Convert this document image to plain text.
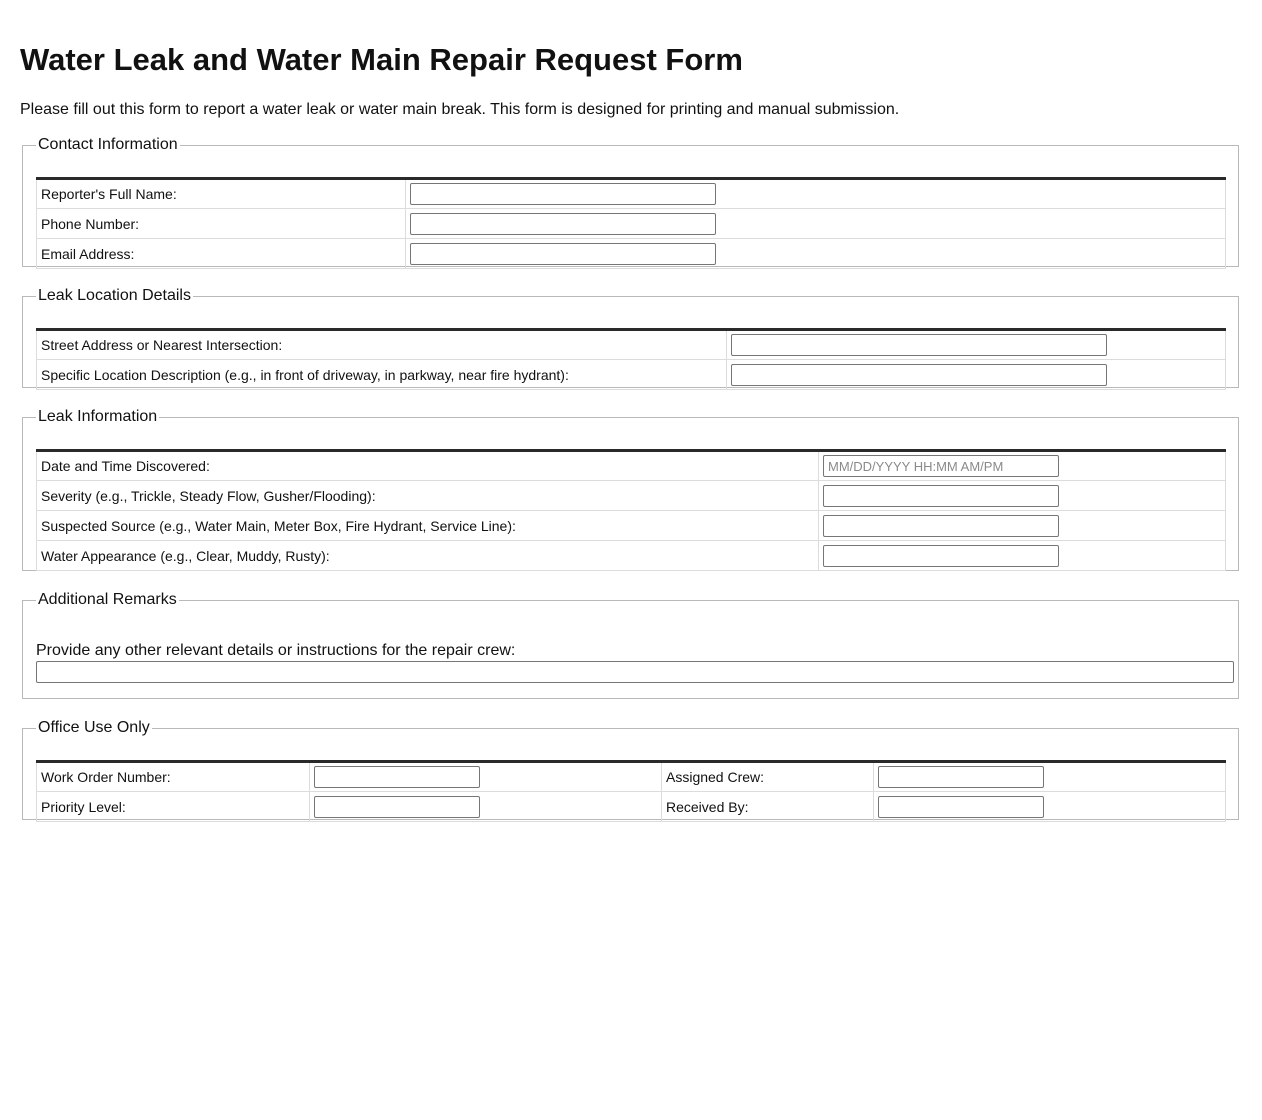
Water Leak and Water Main Repair Request Form
Please fill out this form to report a water leak or water main break. This form is designed for printing and manual submission.
Contact Information
Reporter's Full Name:	

Phone Number:	

Email Address:	
Leak Location Details
Street Address or Nearest Intersection:	

Specific Location Description (e.g., in front of driveway, in parkway, near fire hydrant):	
Leak Information
Date and Time Discovered:	
MM/DD/YYYY HH:MM AM/PM
Severity (e.g., Trickle, Steady Flow, Gusher/Flooding):	

Suspected Source (e.g., Water Main, Meter Box, Fire Hydrant, Service Line):	

Water Appearance (e.g., Clear, Muddy, Rusty):	
Additional Remarks
Provide any other relevant details or instructions for the repair crew:
Office Use Only
Work Order Number:		Assigned Crew:	

Priority Level:		Received By:	
